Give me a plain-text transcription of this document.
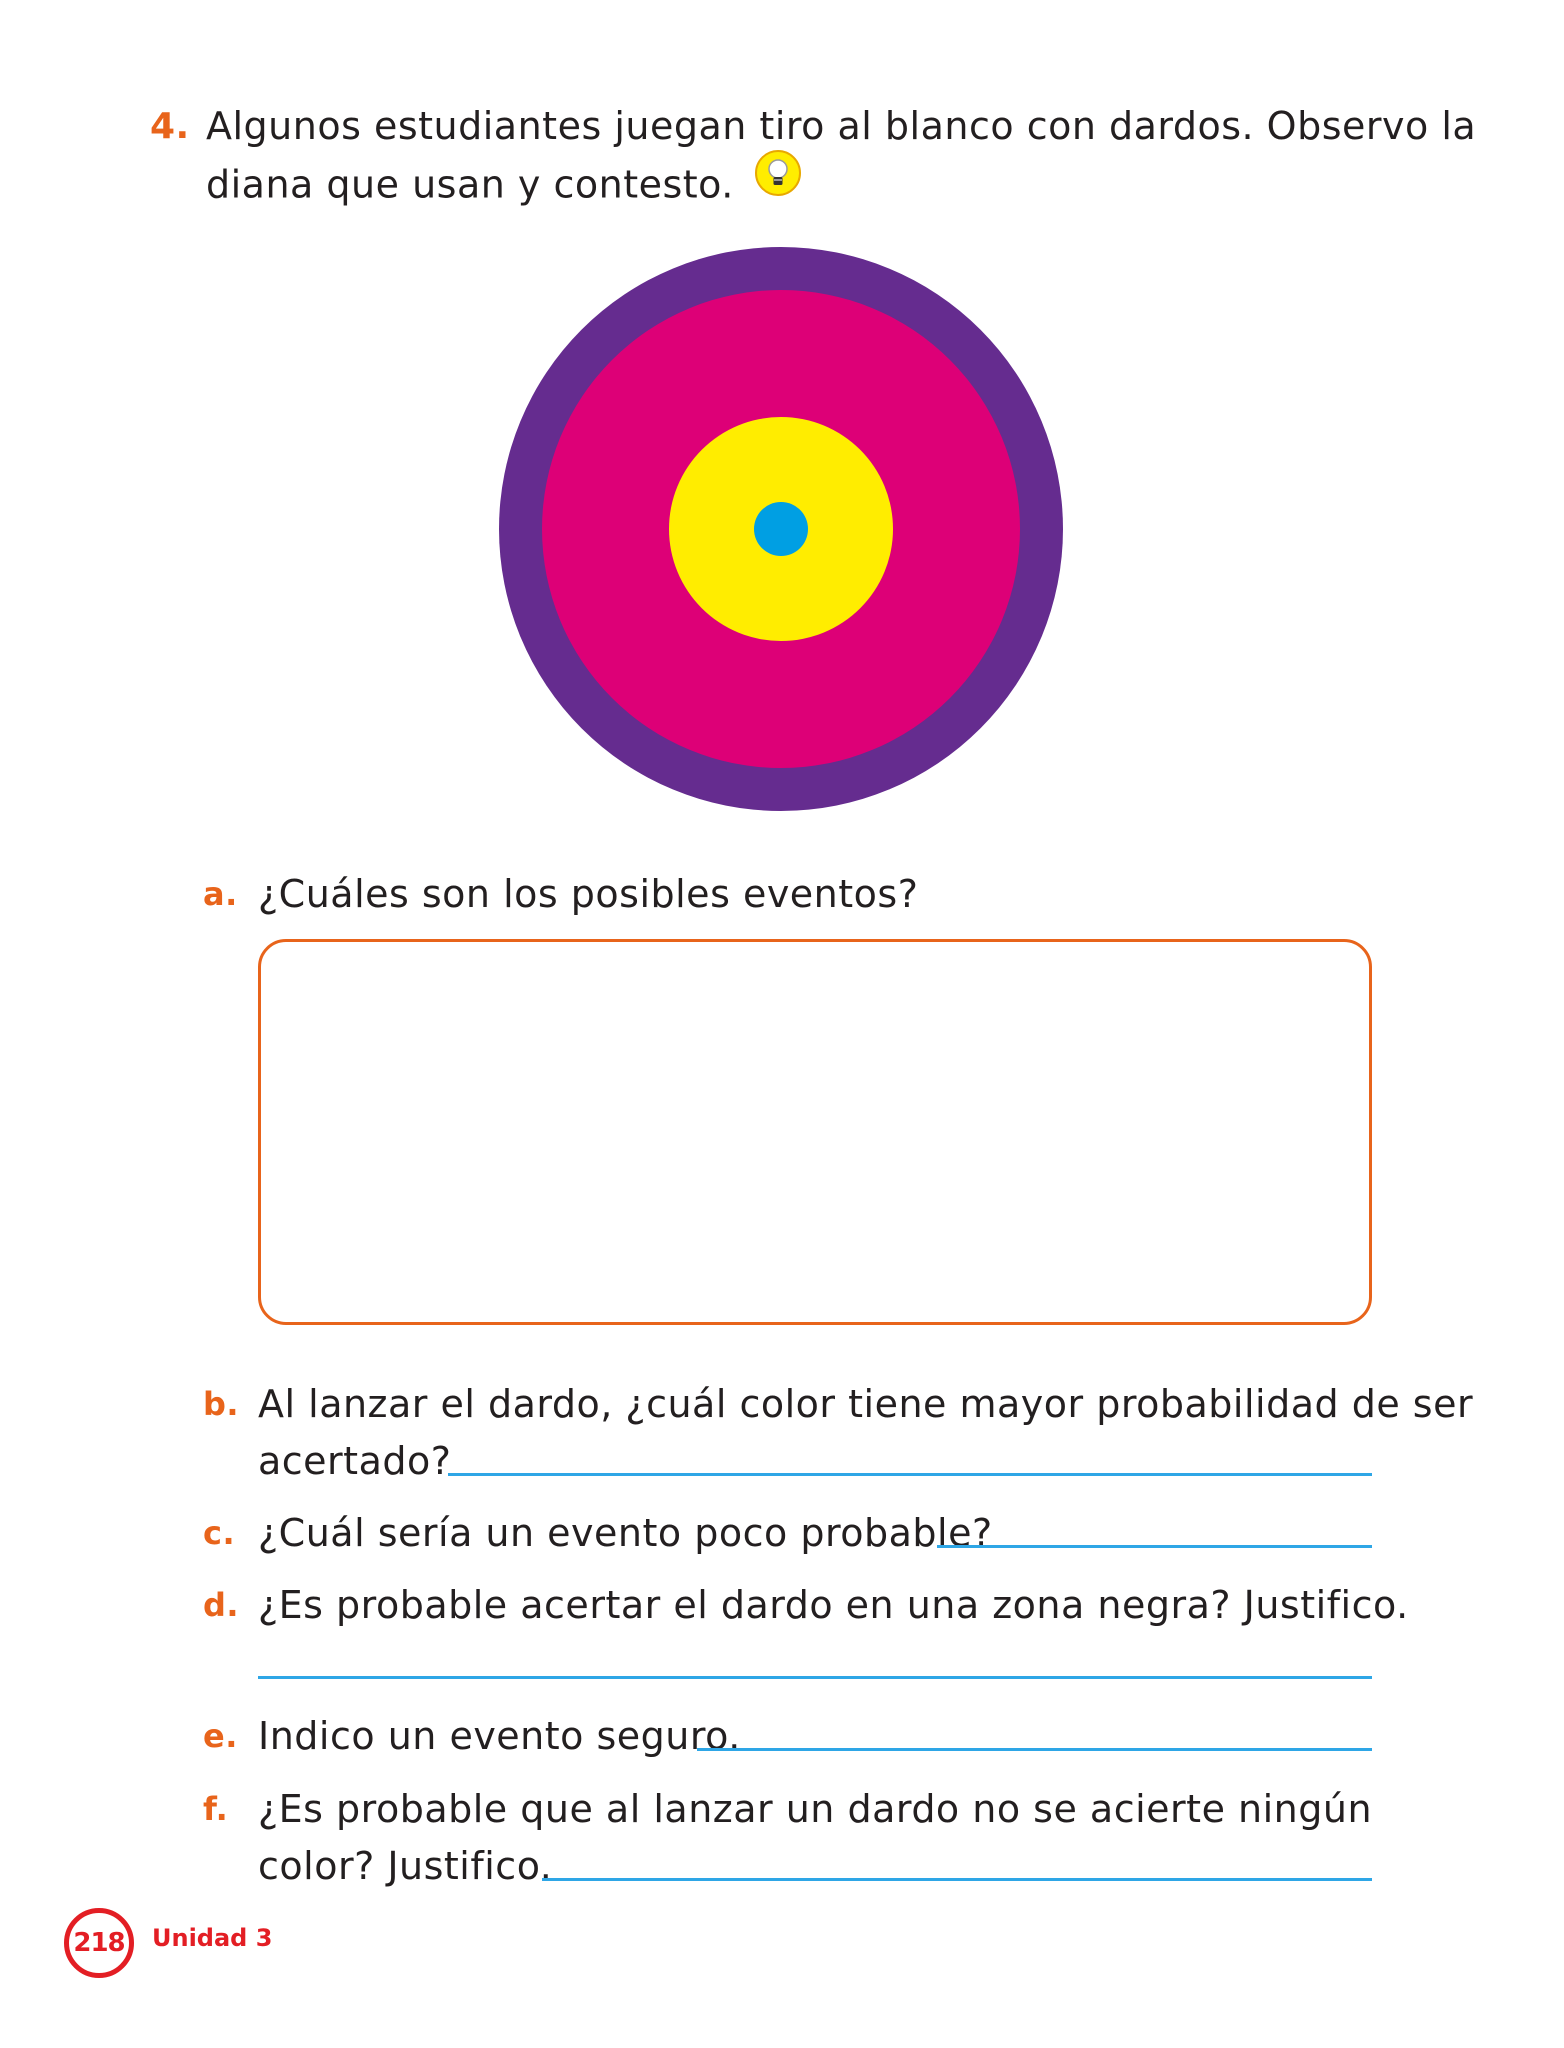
4. Algunos estudiantes juegan tiro al blanco con dardos. Observo la
diana que usan y contesto.
a. ¿Cuáles son los posibles eventos?
b. Al lanzar el dardo, ¿cuál color tiene mayor probabilidad de ser
acertado?
c. ¿Cuál sería un evento poco probable?
d. ¿Es probable acertar el dardo en una zona negra? Justifico.
e. Indico un evento seguro.
f. ¿Es probable que al lanzar un dardo no se acierte ningún
color? Justifico.
218 Unidad 3
